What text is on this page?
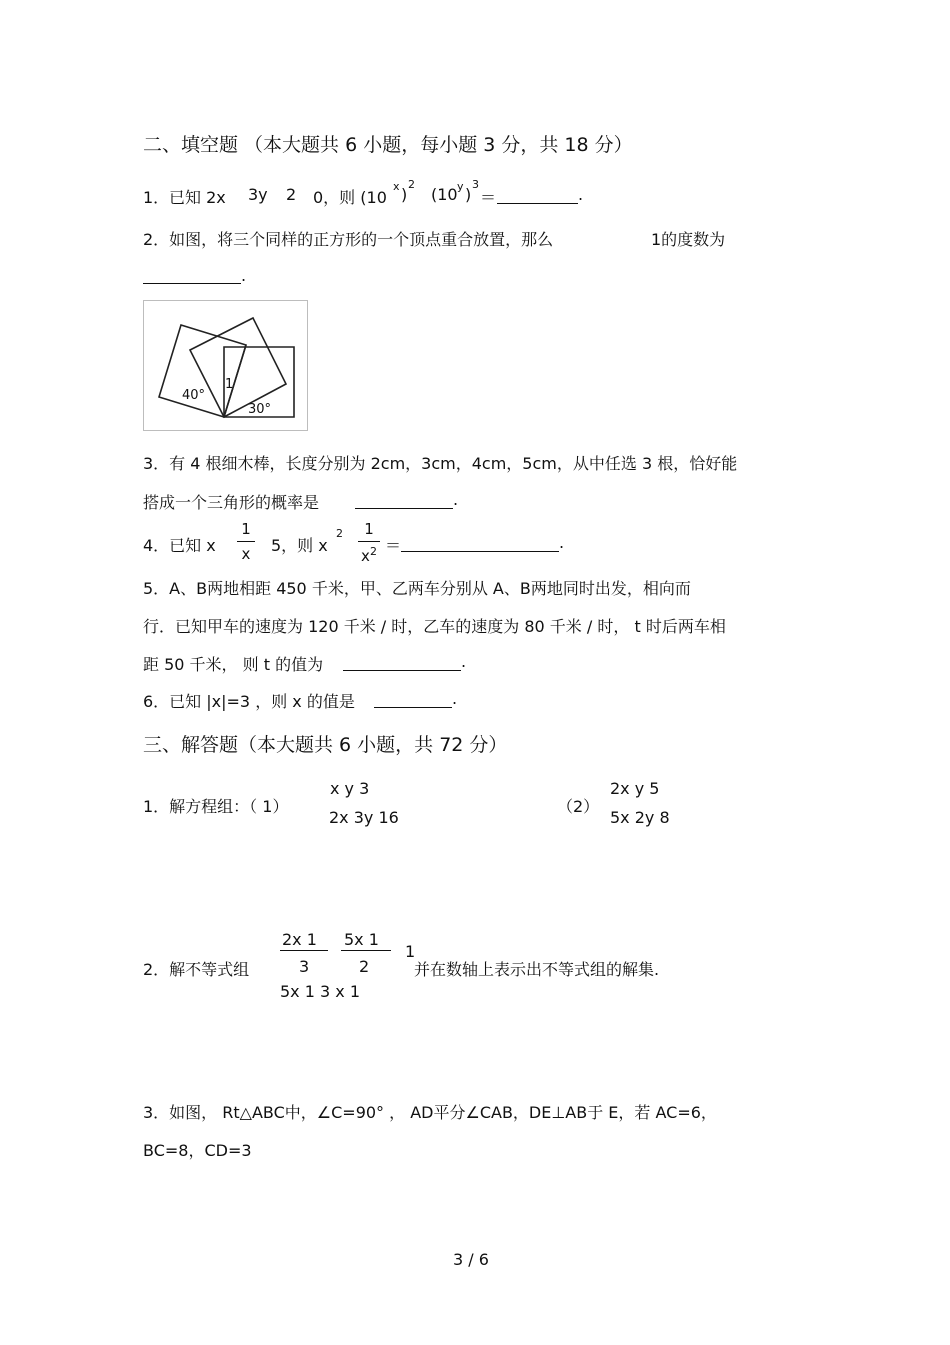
二、填空题 （本大题共 6 小题，每小题 3 分，共 18 分）
1． 已知 2x 3y 2 0，则 (10
x )
2
(10 y )
3
＝	.
2．如图，将三个同样的正方形的一个顶点重合放置，那么	1的度数为
.
40°
30°
1
3．有 4 根细木棒，长度分别为 2cm，3cm，4cm，5cm，从中任选 3 根，恰好能
搭成一个三角形的概率是	.
4．已知 x
1
x 5，则 x
2	1
$x^2$ ＝	.
5．A、B两地相距 450 千米，甲、乙两车分别从 A、B两地同时出发，相向而
行．已知甲车的速度为 120 千米 / 时，乙车的速度为 80 千米 / 时， t 时后两车相
距 50 千米， 则 t 的值为	.
6．已知 |x|=3 ，则 x 的值是	.
三、解答题（本大题共 6 小题，共 72 分）
1．解方程组：（ 1）
x y 3
2x 3y 16
（2）
2x y 5
5x 2y 8
2．解不等式组
2x 1
3
5x 1
2
1
5x 1 3 x 1
并在数轴上表示出不等式组的解集.
3．如图， Rt△ABC中，∠C=90° ， AD平分∠CAB，DE⊥AB于 E，若 AC=6，
BC=8，CD=3
3 / 6
